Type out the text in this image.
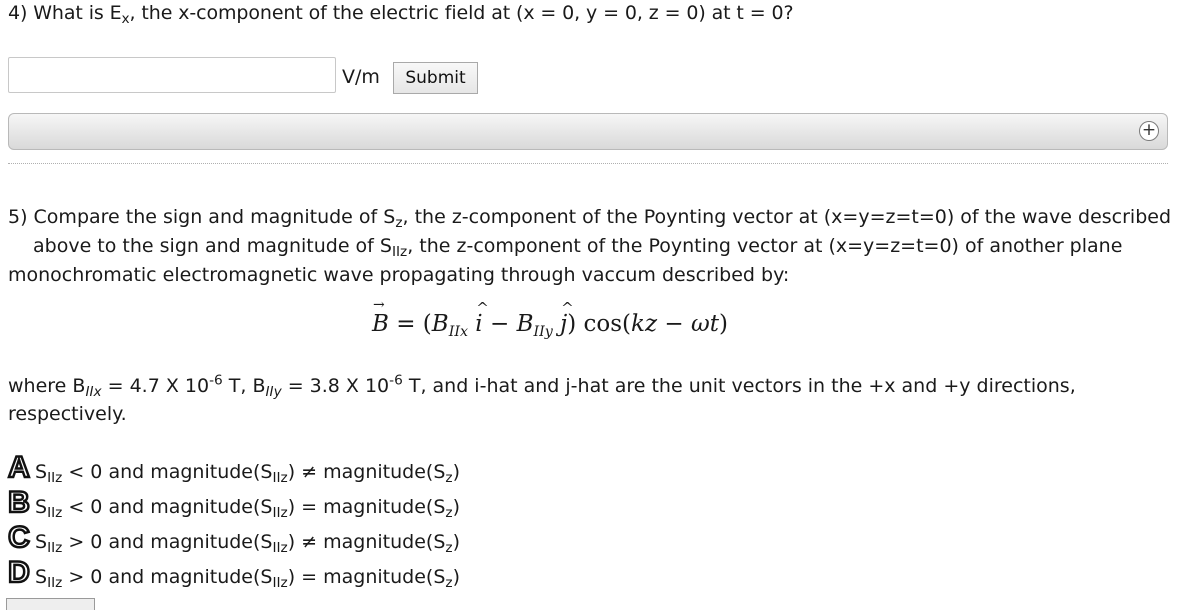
4) What is $E_x$, the x-component of the electric field at (x = 0, y = 0, z = 0) at t = 0?
V/m	Submit
+
5) Compare the sign and magnitude of $S_z$, the z-component of the Poynting vector at (x=y=z=t=0) of the wave described
above to the sign and magnitude of $S_{IIz}$, the z-component of the Poynting vector at (x=y=z=t=0) of another plane
monochromatic electromagnetic wave propagating through vaccum described by:
→ $B = (B_{IIx}$ ^ $i - B_{IIy}$ ^ j) cos(kz − ωt)
where $B_{IIx} = 4.7$ X $10^{-6}$ T, $B_{IIy} = 3.8$ X $10^{-6}$ T, and i-hat and j-hat are the unit vectors in the +x and +y directions,
respectively.
A $S_{IIz} < 0$ and $magnitude(S_{IIz})$ ≠ $magnitude(S_z)$
B $S_{IIz} < 0$ and $magnitude(S_{IIz})$ = $magnitude(S_z)$
C $S_{IIz} > 0$ and $magnitude(S_{IIz})$ ≠ $magnitude(S_z)$
D $S_{IIz} > 0$ and $magnitude(S_{IIz})$ = $magnitude(S_z)$
